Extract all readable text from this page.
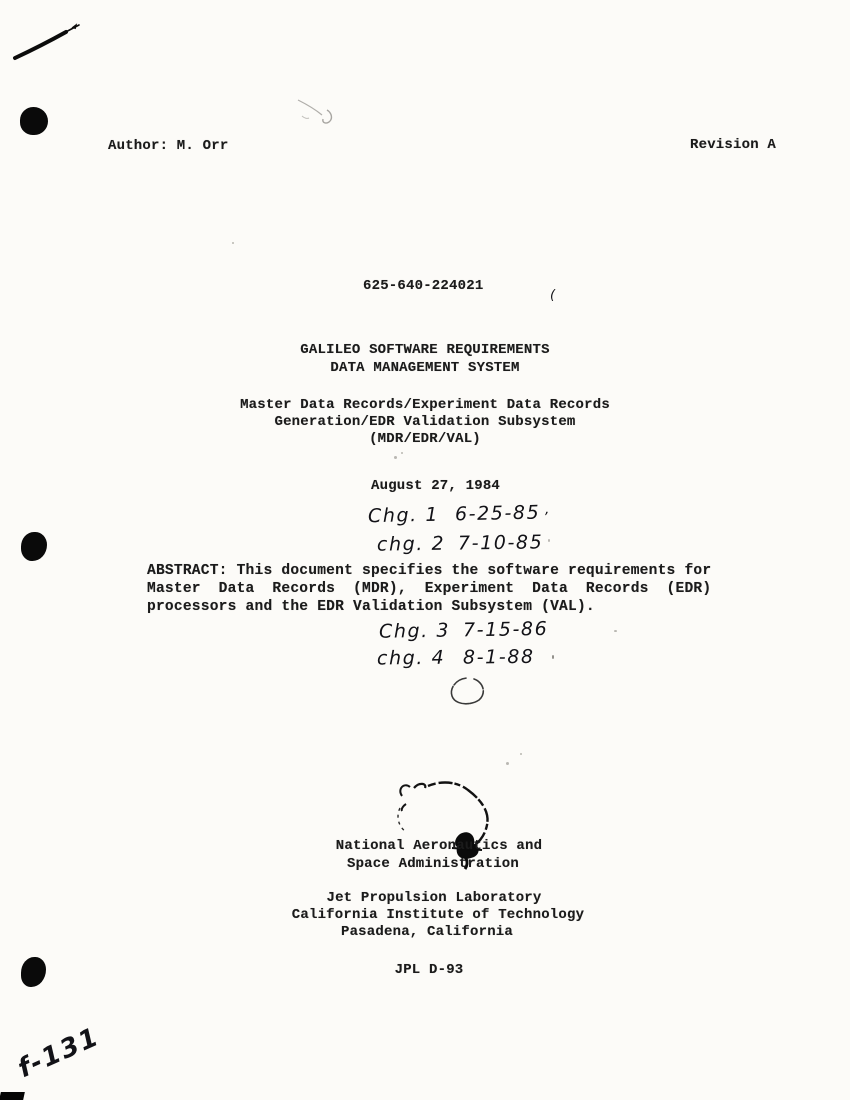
Author: M. Orr	Revision A
625-640-224021
(
GALILEO SOFTWARE REQUIREMENTS
DATA MANAGEMENT SYSTEM
Master Data Records/Experiment Data Records
Generation/EDR Validation Subsystem
(MDR/EDR/VAL)
August 27, 1984
Chg. 1 6-25-85 ,
chg. 2 7-10-85
ABSTRACT: This document specifies the software requirements for
Master  Data  Records  (MDR),  Experiment  Data  Records  (EDR)
processors and the EDR Validation Subsystem (VAL).
Chg. 3 7-15-86
chg. 4 8-1-88
National Aeronautics and
Space Administration
Jet Propulsion Laboratory
California Institute of Technology
Pasadena, California
JPL D-93
f-131
